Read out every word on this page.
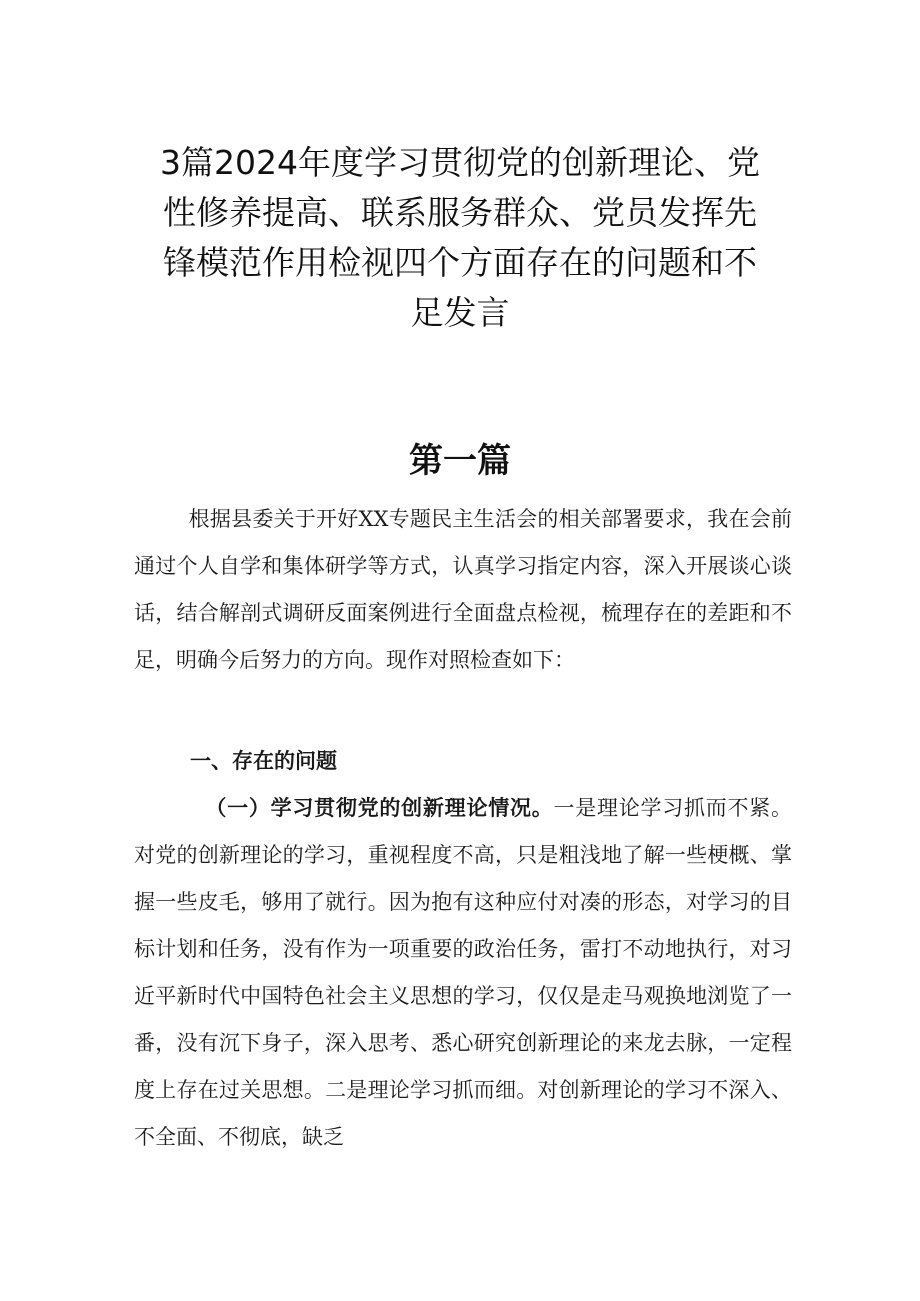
3篇2024年度学习贯彻党的创新理论、党性修养提高、联系服务群众、党员发挥先锋模范作用检视四个方面存在的问题和不足发言
第一篇

根据县委关于开好XX专题民主生活会的相关部署要求，我在会前通过个人自学和集体研学等方式，认真学习指定内容，深入开展谈心谈话，结合解剖式调研反面案例进行全面盘点检视，梳理存在的差距和不足，明确今后努力的方向。现作对照检查如下：

一、存在的问题

（一）学习贯彻党的创新理论情况。一是理论学习抓而不紧。对党的创新理论的学习，重视程度不高，只是粗浅地了解一些梗概、掌握一些皮毛，够用了就行。因为抱有这种应付对凑的形态，对学习的目标计划和任务，没有作为一项重要的政治任务，雷打不动地执行，对习近平新时代中国特色社会主义思想的学习，仅仅是走马观换地浏览了一番，没有沉下身子，深入思考、悉心研究创新理论的来龙去脉，一定程度上存在过关思想。二是理论学习抓而细。对创新理论的学习不深入、不全面、不彻底，缺乏
